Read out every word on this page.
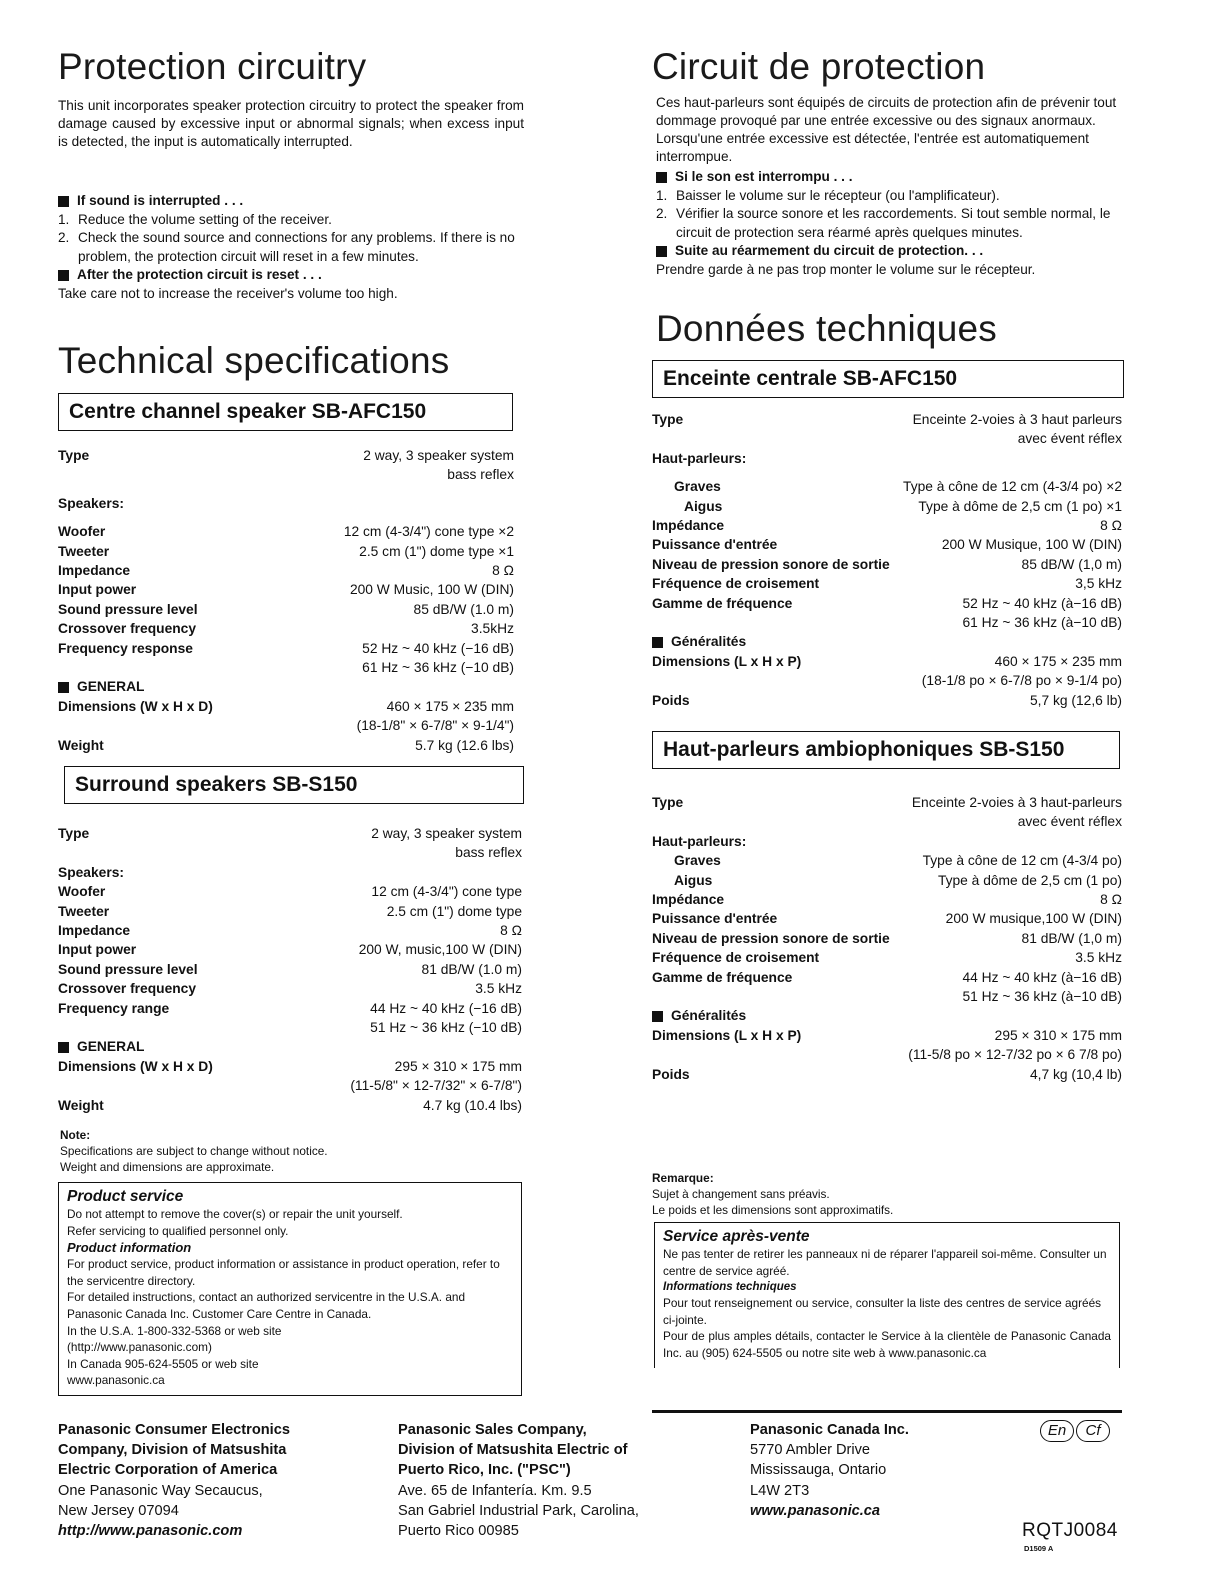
Protection circuitry
This unit incorporates speaker protection circuitry to protect the speaker from damage caused by excessive input or abnormal signals; when excess input is detected, the input is automatically interrupted.
If sound is interrupted . . .
1. Reduce the volume setting of the receiver.
2. Check the sound source and connections for any problems. If there is no problem, the protection circuit will reset in a few minutes.
After the protection circuit is reset . . .
Take care not to increase the receiver's volume too high.
Technical specifications
Centre channel speaker SB-AFC150
Type	2 way, 3 speaker system
bass reflex
Speakers:
Woofer	12 cm (4-3/4") cone type ×2
Tweeter	2.5 cm (1") dome type ×1
Impedance	8 Ω
Input power	200 W Music, 100 W (DIN)
Sound pressure level	85 dB/W (1.0 m)
Crossover frequency	3.5kHz
Frequency response	52 Hz ~ 40 kHz (−16 dB)
61 Hz ~ 36 kHz (−10 dB)
GENERAL
Dimensions (W x H x D)	460 × 175 × 235 mm
(18-1/8" × 6-7/8" × 9-1/4")
Weight	5.7 kg (12.6 lbs)
Surround speakers SB-S150
Type	2 way, 3 speaker system
bass reflex
Speakers:
Woofer	12 cm (4-3/4") cone type
Tweeter	2.5 cm (1") dome type
Impedance	8 Ω
Input power	200 W, music,100 W (DIN)
Sound pressure level	81 dB/W (1.0 m)
Crossover frequency	3.5 kHz
Frequency range	44 Hz ~ 40 kHz (−16 dB)
51 Hz ~ 36 kHz (−10 dB)
GENERAL
Dimensions (W x H x D)	295 × 310 × 175 mm
(11-5/8" × 12-7/32" × 6-7/8")
Weight	4.7 kg (10.4 lbs)
Note:
Specifications are subject to change without notice.
Weight and dimensions are approximate.
Product service
Do not attempt to remove the cover(s) or repair the unit yourself.
Refer servicing to qualified personnel only.
Product information
For product service, product information or assistance in product operation, refer to the servicentre directory.
For detailed instructions, contact an authorized servicentre in the U.S.A. and Panasonic Canada Inc. Customer Care Centre in Canada.
In the U.S.A. 1-800-332-5368 or web site
(http://www.panasonic.com)
In Canada 905-624-5505 or web site
www.panasonic.ca
Circuit de protection
Ces haut-parleurs sont équipés de circuits de protection afin de prévenir tout dommage provoqué par une entrée excessive ou des signaux anormaux. Lorsqu'une entrée excessive est détectée, l'entrée est automatiquement interrompue.
Si le son est interrompu . . .
1. Baisser le volume sur le récepteur (ou l'amplificateur).
2. Vérifier la source sonore et les raccordements. Si tout semble normal, le circuit de protection sera réarmé après quelques minutes.
Suite au réarmement du circuit de protection. . .
Prendre garde à ne pas trop monter le volume sur le récepteur.
Données techniques
Enceinte centrale SB-AFC150
Type	Enceinte 2-voies à 3 haut parleurs
avec évent réflex
Haut-parleurs:
Graves	Type à cône de 12 cm (4-3/4 po) ×2
Aigus	Type à dôme de 2,5 cm (1 po) ×1
Impédance	8 Ω
Puissance d'entrée	200 W Musique, 100 W (DIN)
Niveau de pression sonore de sortie	85 dB/W (1,0 m)
Fréquence de croisement	3,5 kHz
Gamme de fréquence	52 Hz ~ 40 kHz (à−16 dB)
61 Hz ~ 36 kHz (à−10 dB)
Généralités
Dimensions (L x H x P)	460 × 175 × 235 mm
(18-1/8 po × 6-7/8 po × 9-1/4 po)
Poids	5,7 kg (12,6 lb)
Haut-parleurs ambiophoniques SB-S150
Type	Enceinte 2-voies à 3 haut-parleurs
avec évent réflex
Haut-parleurs:
Graves	Type à cône de 12 cm (4-3/4 po)
Aigus	Type à dôme de 2,5 cm (1 po)
Impédance	8 Ω
Puissance d'entrée	200 W musique,100 W (DIN)
Niveau de pression sonore de sortie	81 dB/W (1,0 m)
Fréquence de croisement	3.5 kHz
Gamme de fréquence	44 Hz ~ 40 kHz (à−16 dB)
51 Hz ~ 36 kHz (à−10 dB)
Généralités
Dimensions (L x H x P)	295 × 310 × 175 mm
(11-5/8 po × 12-7/32 po × 6 7/8 po)
Poids	4,7 kg (10,4 lb)
Remarque:
Sujet à changement sans préavis.
Le poids et les dimensions sont approximatifs.
Service après-vente
Ne pas tenter de retirer les panneaux ni de réparer l'appareil soi-même. Consulter un centre de service agréé.
Informations techniques
Pour tout renseignement ou service, consulter la liste des centres de service agréés ci-jointe.
Pour de plus amples détails, contacter le Service à la clientèle de Panasonic Canada Inc. au (905) 624-5505 ou notre site web à www.panasonic.ca
Panasonic Consumer Electronics
Company, Division of Matsushita
Electric Corporation of America
One Panasonic Way Secaucus,
New Jersey 07094
http://www.panasonic.com
Panasonic Sales Company,
Division of Matsushita Electric of
Puerto Rico, Inc. ("PSC")
Ave. 65 de Infantería. Km. 9.5
San Gabriel Industrial Park, Carolina,
Puerto Rico 00985
Panasonic Canada Inc.
5770 Ambler Drive
Mississauga, Ontario
L4W 2T3
www.panasonic.ca
En	Cf
RQTJ0084
D1509 A
